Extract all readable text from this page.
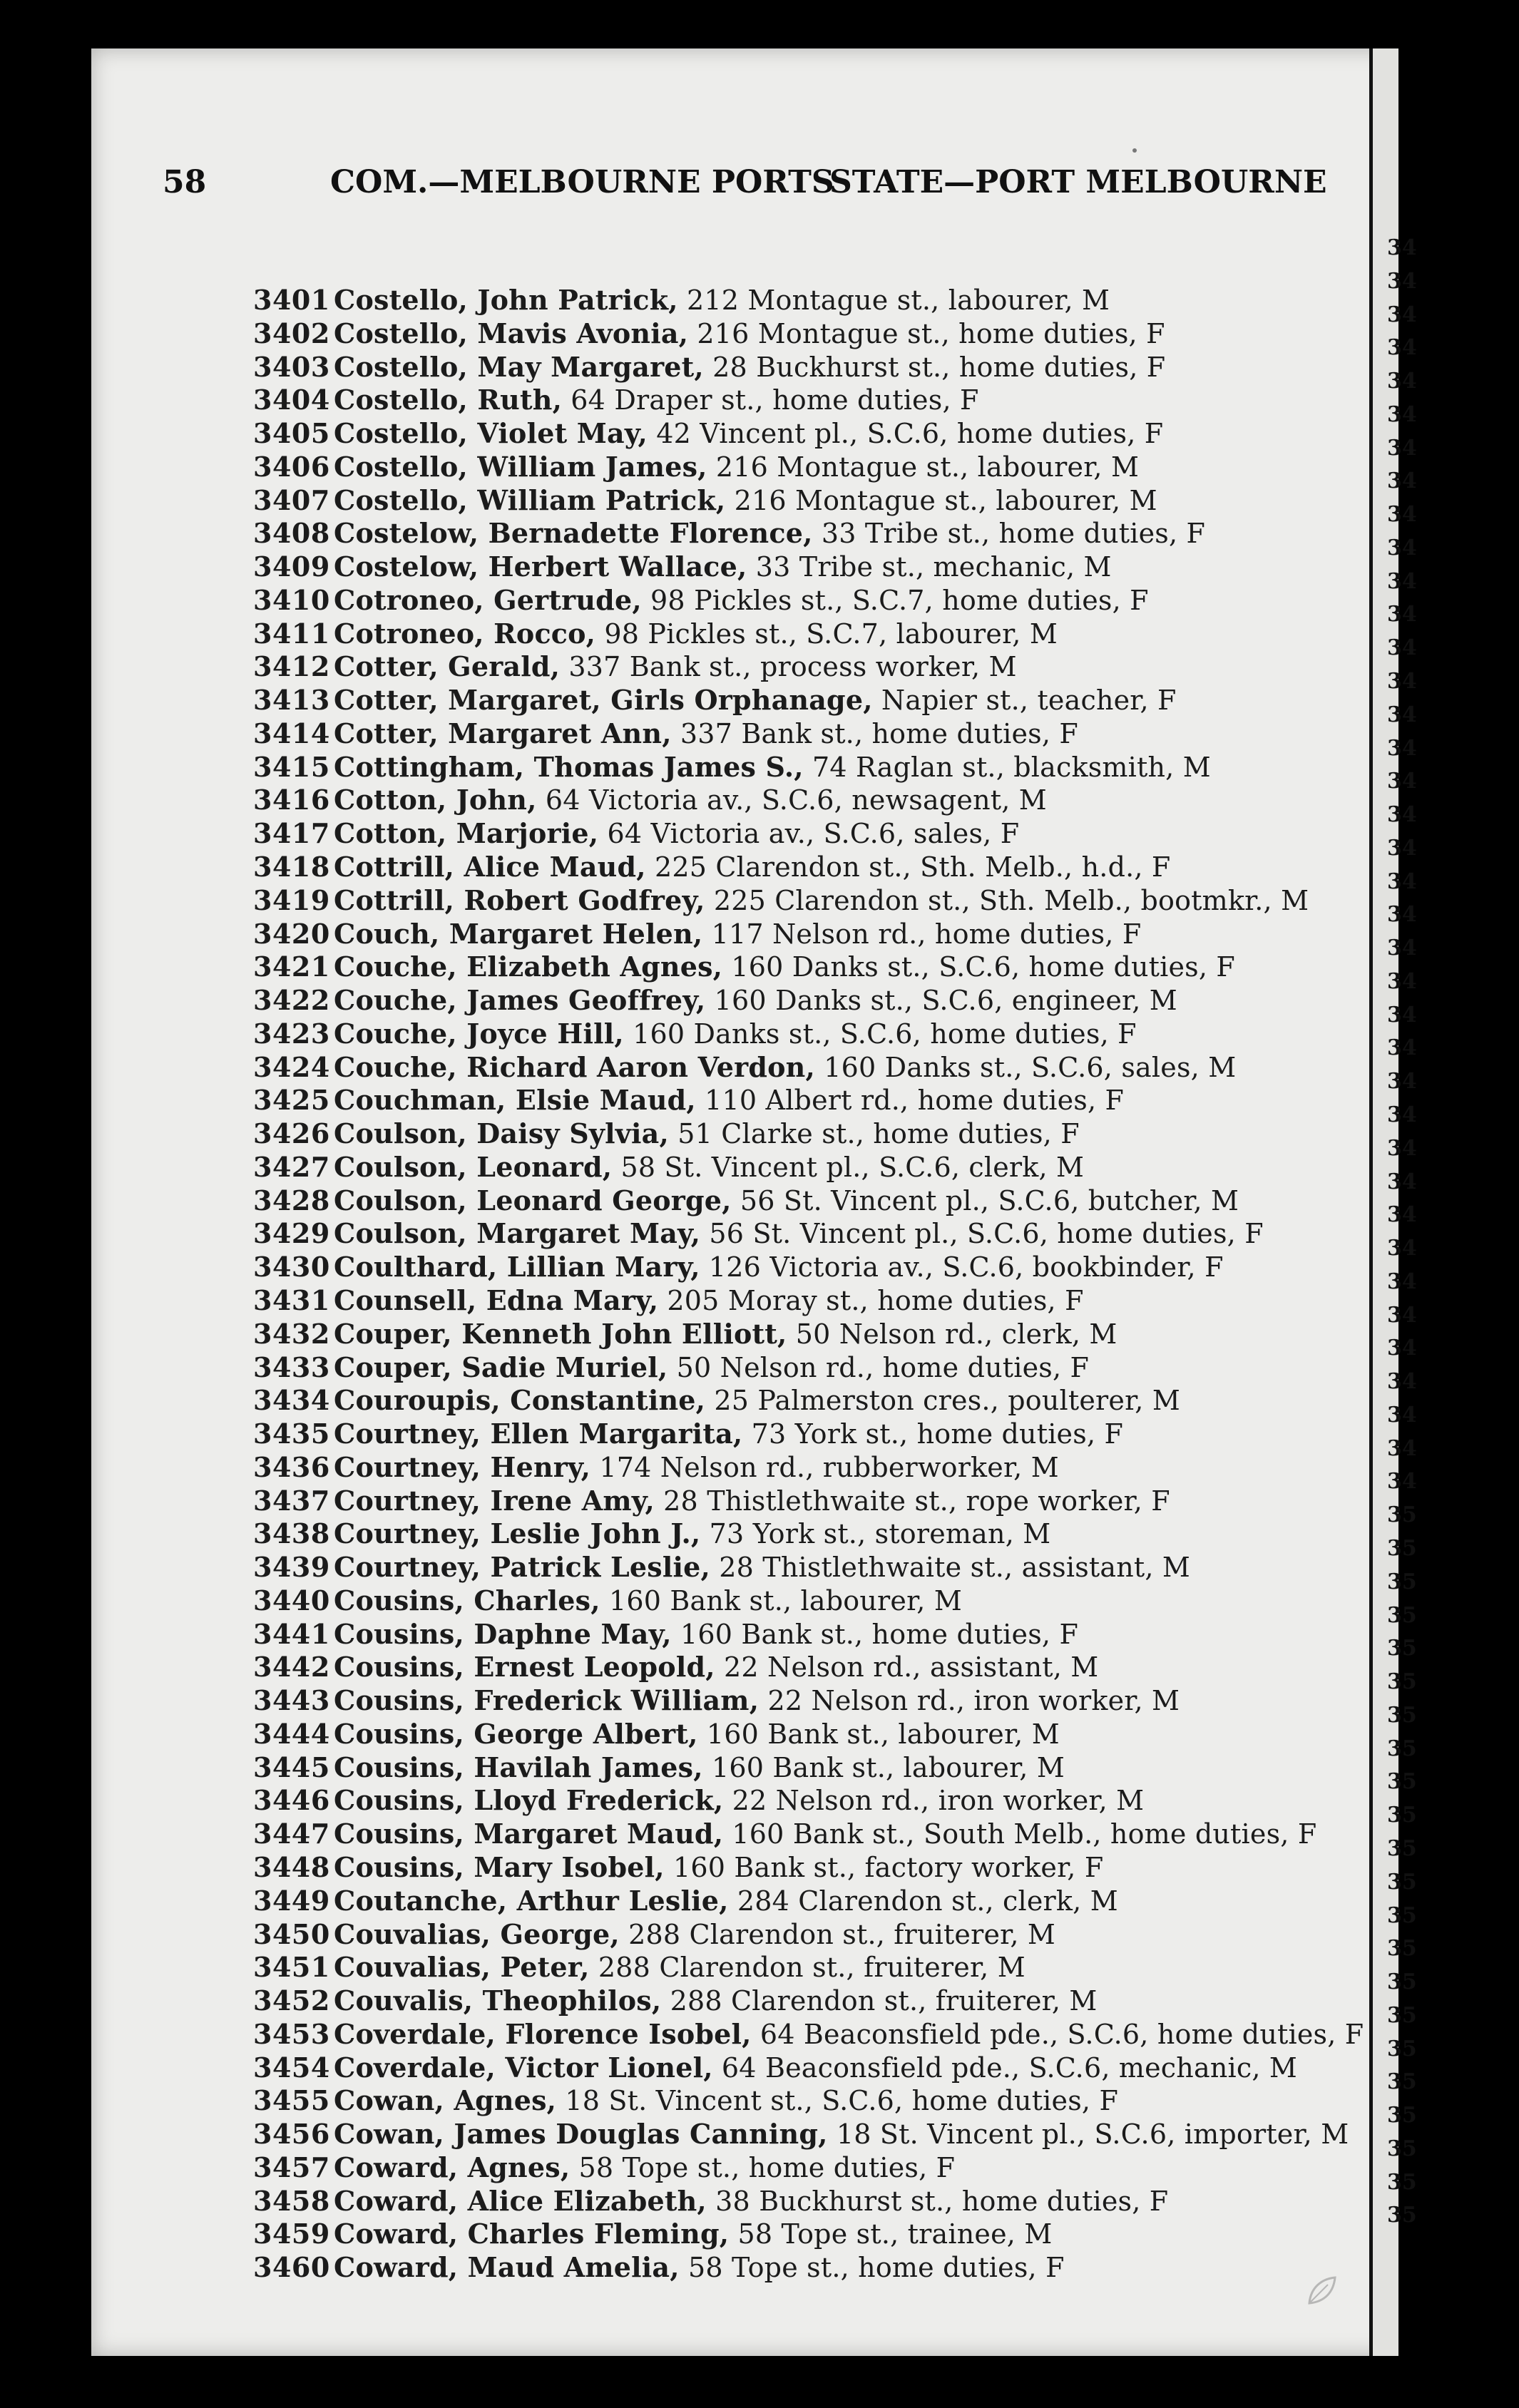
58	COM.—MELBOURNE PORTS
STATE—PORT MELBOURNE
3401 Costello, John Patrick, 212 Montague st., labourer, M
3402 Costello, Mavis Avonia, 216 Montague st., home duties, F
3403 Costello, May Margaret, 28 Buckhurst st., home duties, F
3404 Costello, Ruth, 64 Draper st., home duties, F
3405 Costello, Violet May, 42 Vincent pl., S.C.6, home duties, F
3406 Costello, William James, 216 Montague st., labourer, M
3407 Costello, William Patrick, 216 Montague st., labourer, M
3408 Costelow, Bernadette Florence, 33 Tribe st., home duties, F
3409 Costelow, Herbert Wallace, 33 Tribe st., mechanic, M
3410 Cotroneo, Gertrude, 98 Pickles st., S.C.7, home duties, F
3411 Cotroneo, Rocco, 98 Pickles st., S.C.7, labourer, M
3412 Cotter, Gerald, 337 Bank st., process worker, M
3413 Cotter, Margaret, Girls Orphanage, Napier st., teacher, F
3414 Cotter, Margaret Ann, 337 Bank st., home duties, F
3415 Cottingham, Thomas James S., 74 Raglan st., blacksmith, M
3416 Cotton, John, 64 Victoria av., S.C.6, newsagent, M
3417 Cotton, Marjorie, 64 Victoria av., S.C.6, sales, F
3418 Cottrill, Alice Maud, 225 Clarendon st., Sth. Melb., h.d., F
3419 Cottrill, Robert Godfrey, 225 Clarendon st., Sth. Melb., bootmkr., M
3420 Couch, Margaret Helen, 117 Nelson rd., home duties, F
3421 Couche, Elizabeth Agnes, 160 Danks st., S.C.6, home duties, F
3422 Couche, James Geoffrey, 160 Danks st., S.C.6, engineer, M
3423 Couche, Joyce Hill, 160 Danks st., S.C.6, home duties, F
3424 Couche, Richard Aaron Verdon, 160 Danks st., S.C.6, sales, M
3425 Couchman, Elsie Maud, 110 Albert rd., home duties, F
3426 Coulson, Daisy Sylvia, 51 Clarke st., home duties, F
3427 Coulson, Leonard, 58 St. Vincent pl., S.C.6, clerk, M
3428 Coulson, Leonard George, 56 St. Vincent pl., S.C.6, butcher, M
3429 Coulson, Margaret May, 56 St. Vincent pl., S.C.6, home duties, F
3430 Coulthard, Lillian Mary, 126 Victoria av., S.C.6, bookbinder, F
3431 Counsell, Edna Mary, 205 Moray st., home duties, F
3432 Couper, Kenneth John Elliott, 50 Nelson rd., clerk, M
3433 Couper, Sadie Muriel, 50 Nelson rd., home duties, F
3434 Couroupis, Constantine, 25 Palmerston cres., poulterer, M
3435 Courtney, Ellen Margarita, 73 York st., home duties, F
3436 Courtney, Henry, 174 Nelson rd., rubberworker, M
3437 Courtney, Irene Amy, 28 Thistlethwaite st., rope worker, F
3438 Courtney, Leslie John J., 73 York st., storeman, M
3439 Courtney, Patrick Leslie, 28 Thistlethwaite st., assistant, M
3440 Cousins, Charles, 160 Bank st., labourer, M
3441 Cousins, Daphne May, 160 Bank st., home duties, F
3442 Cousins, Ernest Leopold, 22 Nelson rd., assistant, M
3443 Cousins, Frederick William, 22 Nelson rd., iron worker, M
3444 Cousins, George Albert, 160 Bank st., labourer, M
3445 Cousins, Havilah James, 160 Bank st., labourer, M
3446 Cousins, Lloyd Frederick, 22 Nelson rd., iron worker, M
3447 Cousins, Margaret Maud, 160 Bank st., South Melb., home duties, F
3448 Cousins, Mary Isobel, 160 Bank st., factory worker, F
3449 Coutanche, Arthur Leslie, 284 Clarendon st., clerk, M
3450 Couvalias, George, 288 Clarendon st., fruiterer, M
3451 Couvalias, Peter, 288 Clarendon st., fruiterer, M
3452 Couvalis, Theophilos, 288 Clarendon st., fruiterer, M
3453 Coverdale, Florence Isobel, 64 Beaconsfield pde., S.C.6, home duties, F
3454 Coverdale, Victor Lionel, 64 Beaconsfield pde., S.C.6, mechanic, M
3455 Cowan, Agnes, 18 St. Vincent st., S.C.6, home duties, F
3456 Cowan, James Douglas Canning, 18 St. Vincent pl., S.C.6, importer, M
3457 Coward, Agnes, 58 Tope st., home duties, F
3458 Coward, Alice Elizabeth, 38 Buckhurst st., home duties, F
3459 Coward, Charles Fleming, 58 Tope st., trainee, M
3460 Coward, Maud Amelia, 58 Tope st., home duties, F
34
34
34
34
34
34
34
34
34
34
34
34
34
34
34
34
34
34
34
34
34
34
34
34
34
34
34
34
34
34
34
34
34
34
34
34
34
34
35
35
35
35
35
35
35
35
35
35
35
35
35
35
35
35
35
35
35
35
35
35
